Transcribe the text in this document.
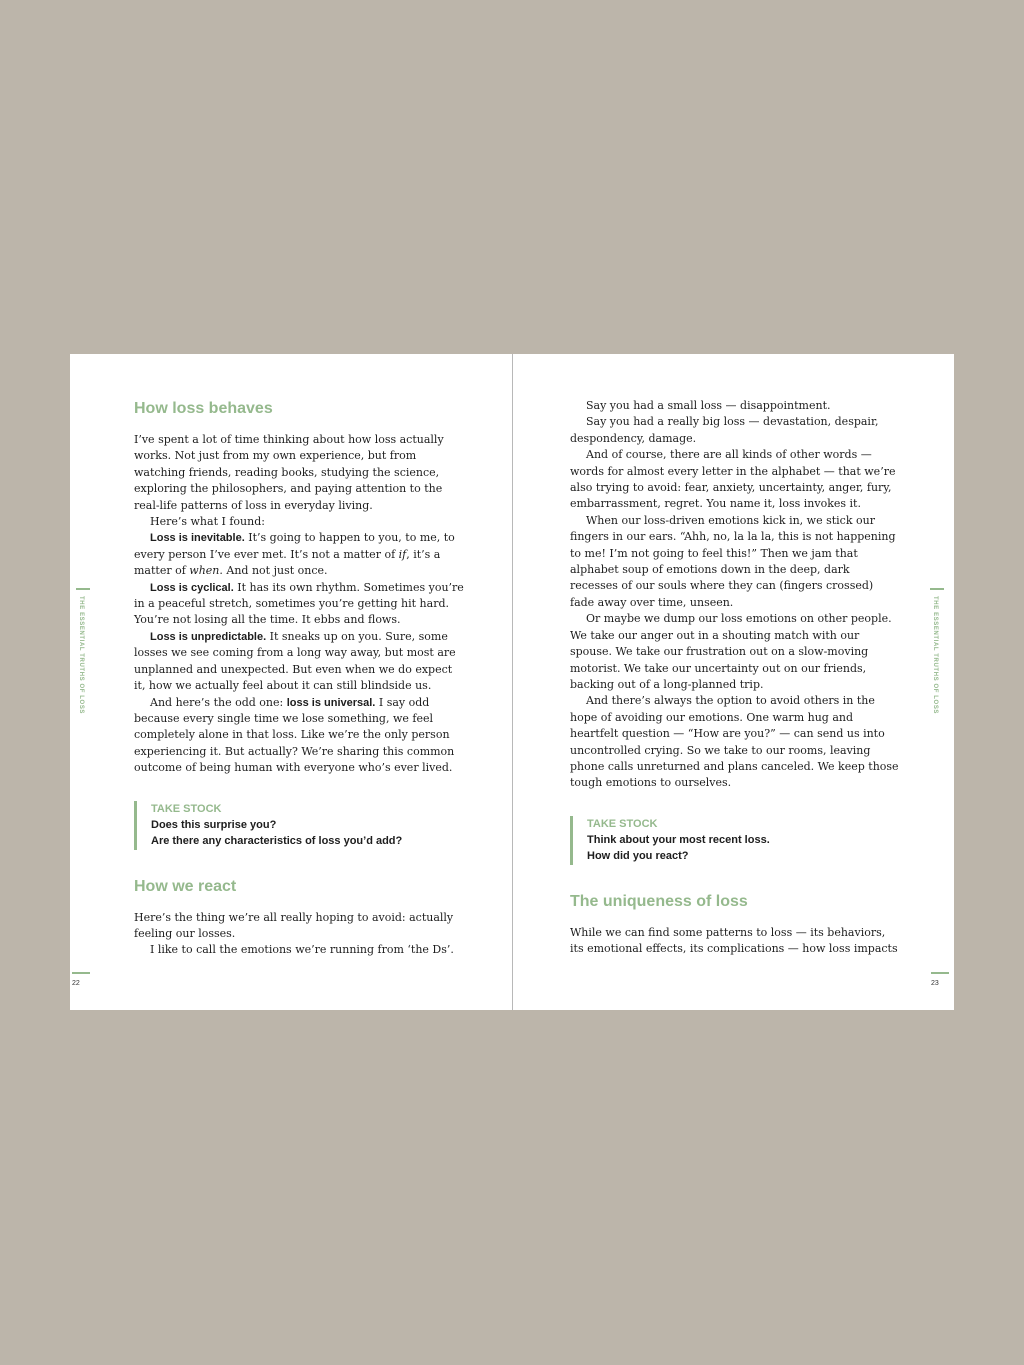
THE ESSENTIAL TRUTHS OF LOSS
How loss behaves

I’ve spent a lot of time thinking about how loss actually works. Not just from my own experience, but from watching friends, reading books, studying the science, exploring the philosophers, and paying attention to the real-life patterns of loss in everyday living.

Here’s what I found:

Loss is inevitable. It’s going to happen to you, to me, to every person I’ve ever met. It’s not a matter of if, it’s a matter of when. And not just once.

Loss is cyclical. It has its own rhythm. Sometimes you’re in a peaceful stretch, sometimes you’re getting hit hard. You’re not losing all the time. It ebbs and flows.

Loss is unpredictable. It sneaks up on you. Sure, some losses we see coming from a long way away, but most are unplanned and unexpected. But even when we do expect it, how we actually feel about it can still blindside us.

And here’s the odd one: loss is universal. I say odd because every single time we lose something, we feel completely alone in that loss. Like we’re the only person experiencing it. But actually? We’re sharing this common outcome of being human with everyone who’s ever lived.

TAKE STOCK
Does this surprise you?
Are there any characteristics of loss you’d add?
How we react

Here’s the thing we’re all really hoping to avoid: actually feeling our losses.

I like to call the emotions we’re running from ‘the Ds’.

22
THE ESSENTIAL TRUTHS OF LOSS

Say you had a small loss — disappointment.

Say you had a really big loss — devastation, despair, despondency, damage.

And of course, there are all kinds of other words — words for almost every letter in the alphabet — that we’re also trying to avoid: fear, anxiety, uncertainty, anger, fury, embarrassment, regret. You name it, loss invokes it.

When our loss-driven emotions kick in, we stick our fingers in our ears. “Ahh, no, la la la, this is not happening to me! I’m not going to feel this!” Then we jam that alphabet soup of emotions down in the deep, dark recesses of our souls where they can (fingers crossed) fade away over time, unseen.

Or maybe we dump our loss emotions on other people. We take our anger out in a shouting match with our spouse. We take our frustration out on a slow-moving motorist. We take our uncertainty out on our friends, backing out of a long-planned trip.

And there’s always the option to avoid others in the hope of avoiding our emotions. One warm hug and heartfelt question — “How are you?” — can send us into uncontrolled crying. So we take to our rooms, leaving phone calls unreturned and plans canceled. We keep those tough emotions to ourselves.

TAKE STOCK
Think about your most recent loss.
How did you react?
The uniqueness of loss

While we can find some patterns to loss — its behaviors, its emotional effects, its complications — how loss impacts

23
